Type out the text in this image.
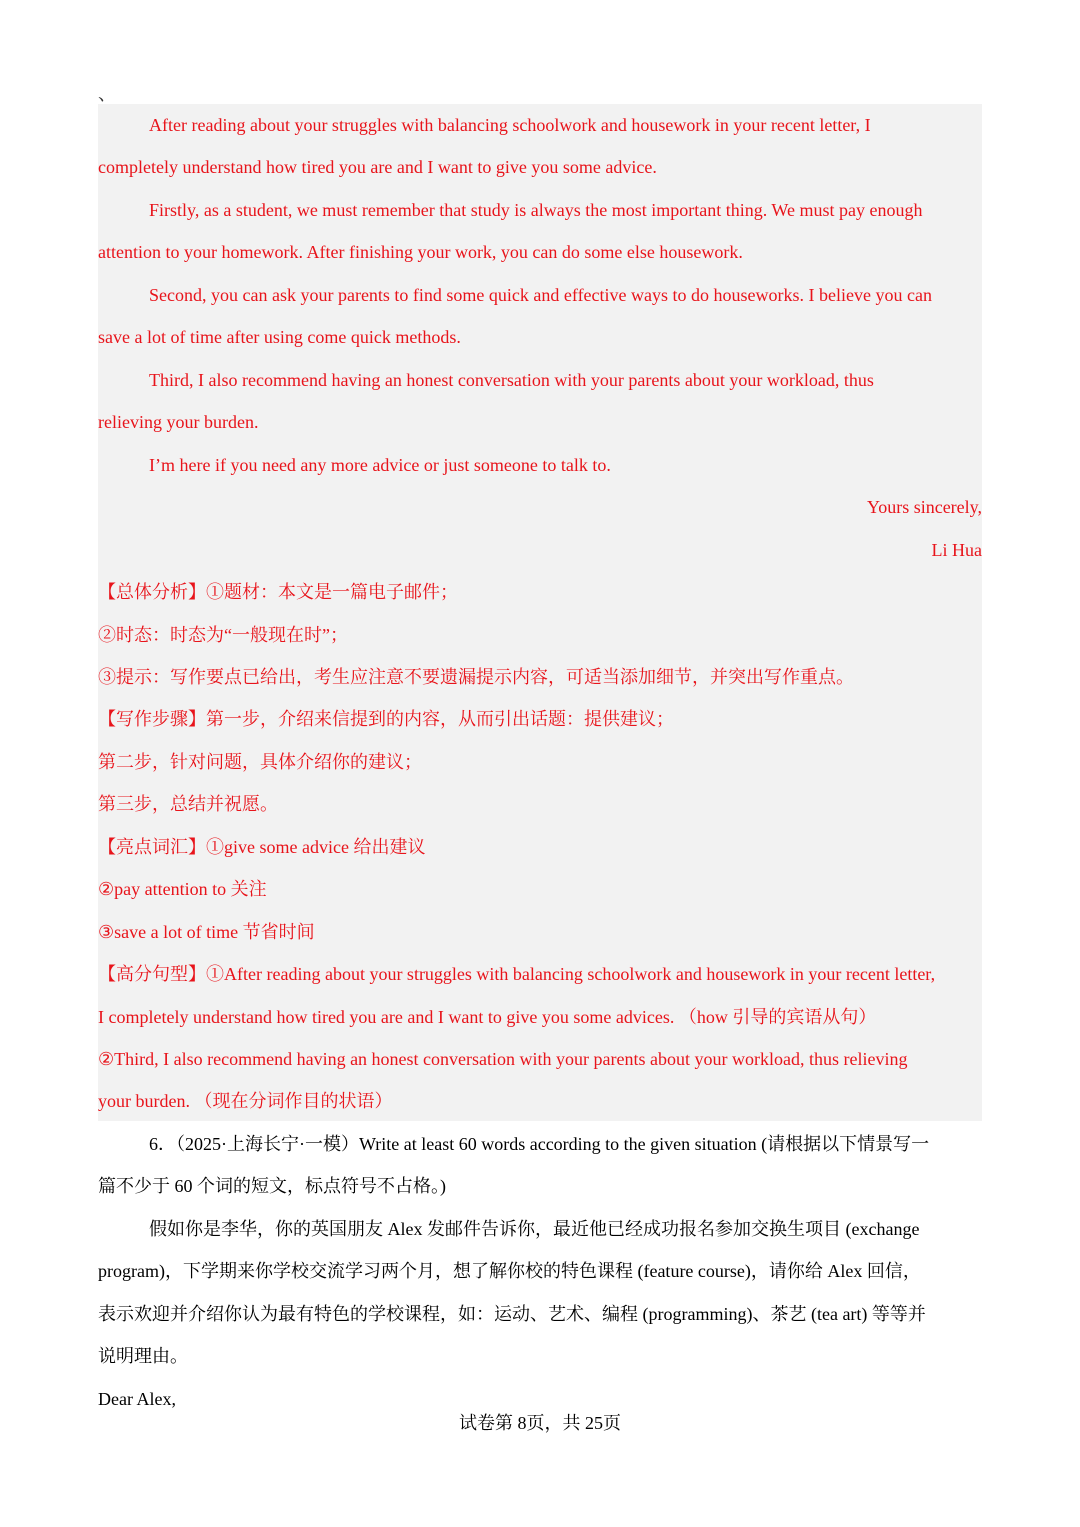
、
After reading about your struggles with balancing schoolwork and housework in your recent letter, I
completely understand how tired you are and I want to give you some advice.
Firstly, as a student, we must remember that study is always the most important thing. We must pay enough
attention to your homework. After finishing your work, you can do some else housework.
Second, you can ask your parents to find some quick and effective ways to do houseworks. I believe you can
save a lot of time after using come quick methods.
Third, I also recommend having an honest conversation with your parents about your workload, thus
relieving your burden.
I’m here if you need any more advice or just someone to talk to.
Yours sincerely,
Li Hua
【总体分析】①题材：本文是一篇电子邮件；
②时态：时态为“一般现在时”；
③提示：写作要点已给出，考生应注意不要遗漏提示内容，可适当添加细节，并突出写作重点。
【写作步骤】第一步，介绍来信提到的内容，从而引出话题：提供建议；
第二步，针对问题，具体介绍你的建议；
第三步，总结并祝愿。
【亮点词汇】①give some advice 给出建议
②pay attention to 关注
③save a lot of time 节省时间
【高分句型】①After reading about your struggles with balancing schoolwork and housework in your recent letter,
I completely understand how tired you are and I want to give you some advices. （how 引导的宾语从句）
②Third, I also recommend having an honest conversation with your parents about your workload, thus relieving
your burden. （现在分词作目的状语）
6．（2025·上海长宁·一模）Write at least 60 words according to the given situation (请根据以下情景写一
篇不少于 60 个词的短文，标点符号不占格。)
假如你是李华，你的英国朋友 Alex 发邮件告诉你，最近他已经成功报名参加交换生项目 (exchange
program)，下学期来你学校交流学习两个月，想了解你校的特色课程 (feature course)，请你给 Alex 回信，
表示欢迎并介绍你认为最有特色的学校课程，如：运动、艺术、编程 (programming)、茶艺 (tea art) 等等并
说明理由。
Dear Alex,
试卷第 8页，共 25页
